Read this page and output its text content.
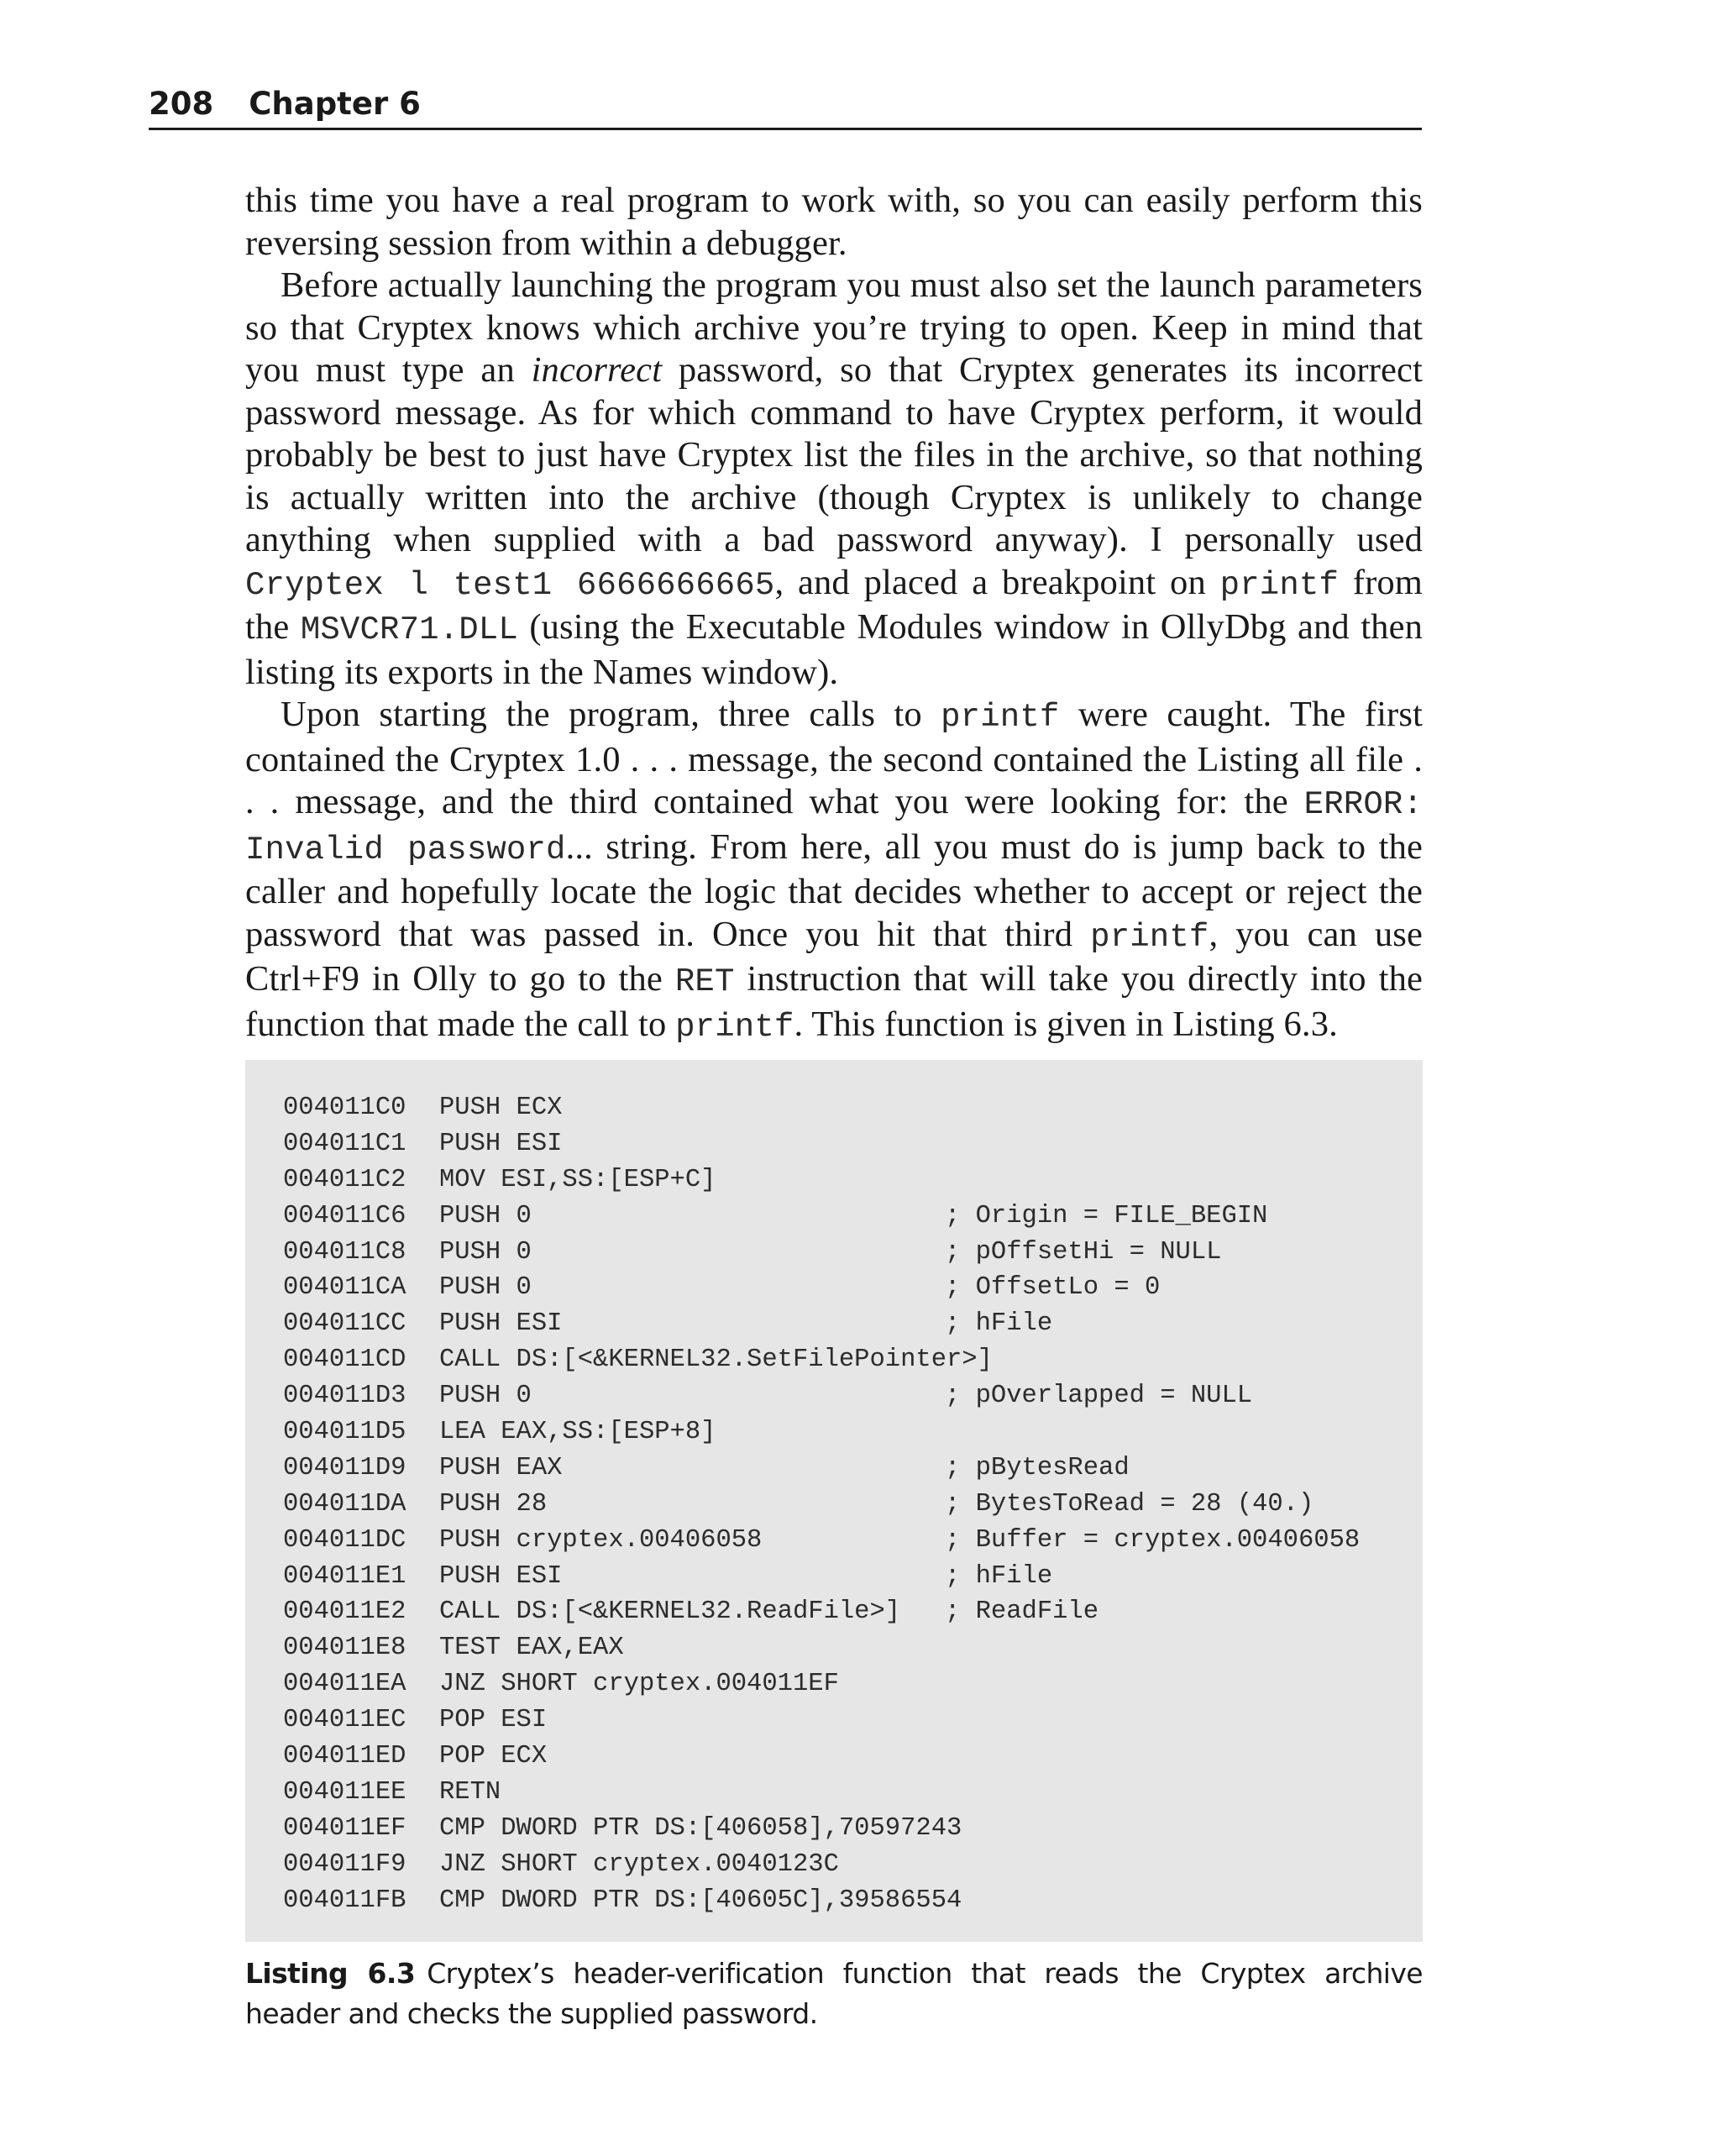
208 Chapter 6

this time you have a real program to work with, so you can easily perform this reversing session from within a debugger.

Before actually launching the program you must also set the launch parameters so that Cryptex knows which archive you’re trying to open. Keep in mind that you must type an incorrect password, so that Cryptex generates its incorrect password message. As for which command to have Cryptex perform, it would probably be best to just have Cryptex list the files in the archive, so that nothing is actually written into the archive (though Cryptex is unlikely to change anything when supplied with a bad password anyway). I personally used Cryptex l test1 6666666665, and placed a breakpoint on printf from the MSVCR71.DLL (using the Executable Modules window in OllyDbg and then listing its exports in the Names window).

Upon starting the program, three calls to printf were caught. The first contained the Cryptex 1.0 . . . message, the second contained the Listing all file . . . message, and the third contained what you were looking for: the ERROR: Invalid password... string. From here, all you must do is jump back to the caller and hopefully locate the logic that decides whether to accept or reject the password that was passed in. Once you hit that third printf, you can use Ctrl+F9 in Olly to go to the RET instruction that will take you directly into the function that made the call to printf. This function is given in Listing 6.3.

004011C0 PUSH ECX
004011C1 PUSH ESI
004011C2 MOV ESI,SS:[ESP+C]
004011C6 PUSH 0	; Origin = FILE_BEGIN
004011C8 PUSH 0	; pOffsetHi = NULL
004011CA PUSH 0	; OffsetLo = 0
004011CC PUSH ESI	; hFile
004011CD CALL DS:[<&KERNEL32.SetFilePointer>]
004011D3 PUSH 0	; pOverlapped = NULL
004011D5 LEA EAX,SS:[ESP+8]
004011D9 PUSH EAX	; pBytesRead
004011DA PUSH 28	; BytesToRead = 28 (40.)
004011DC PUSH cryptex.00406058	; Buffer = cryptex.00406058
004011E1 PUSH ESI	; hFile
004011E2 CALL DS:[<&KERNEL32.ReadFile>] ; ReadFile
004011E8 TEST EAX,EAX
004011EA JNZ SHORT cryptex.004011EF
004011EC POP ESI
004011ED POP ECX
004011EE RETN
004011EF CMP DWORD PTR DS:[406058],70597243
004011F9 JNZ SHORT cryptex.0040123C
004011FB CMP DWORD PTR DS:[40605C],39586554
Listing 6.3 Cryptex’s header-verification function that reads the Cryptex archive header and checks the supplied password.
